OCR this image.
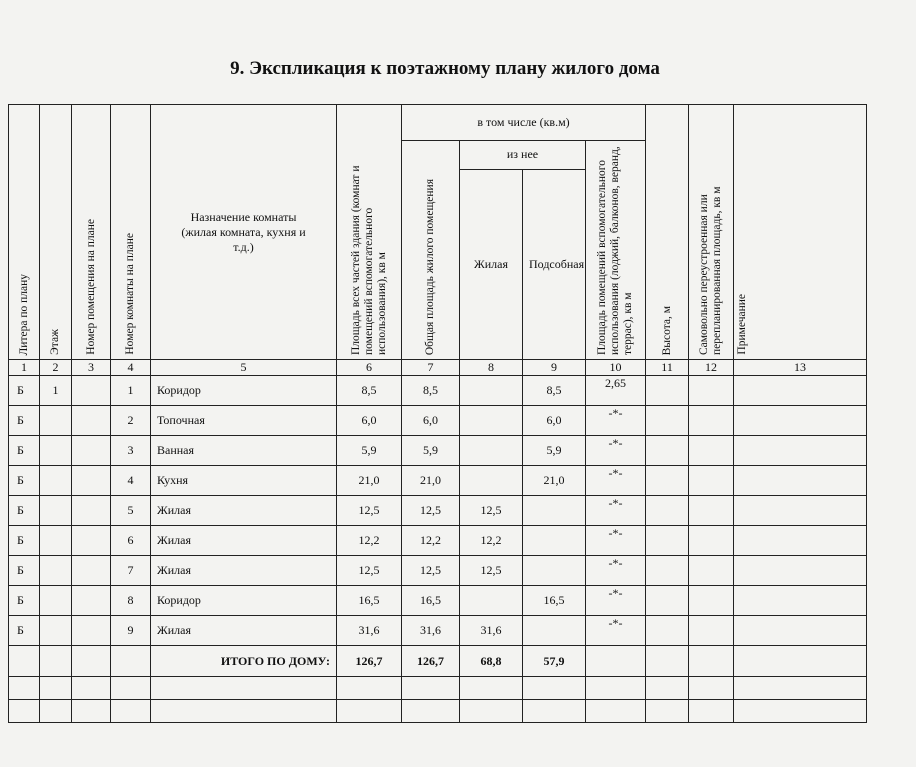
9. Экспликация к поэтажному плану жилого дома
Литера по плану	Этаж	Номер помещения на плане	Номер комнаты на плане	Назначение комнаты (жилая комната, кухня и т.д.)	Площадь всех частей здания (комнат и помещений вспомогательного использования), кв м	в том числе (кв.м)				Высота, м	Самовольно переустроенная или перепланированная площадь, кв м	Примечание

						Общая площадь жилого помещения	из нее		Площадь помещений вспомогательного использования (лоджий, балконов, веранд, террас), кв м			

							Жилая	Подсобная				
1	2	3	4	5	6	7	8	9	10	11	12	13
Б	1		1	Коридор	8,5	8,5		8,5	2,65			
Б			2	Топочная	6,0	6,0		6,0	-*-			
Б			3	Ванная	5,9	5,9		5,9	-*-			
Б			4	Кухня	21,0	21,0		21,0	-*-			
Б			5	Жилая	12,5	12,5	12,5		-*-			
Б			6	Жилая	12,2	12,2	12,2		-*-			
Б			7	Жилая	12,5	12,5	12,5		-*-			
Б			8	Коридор	16,5	16,5		16,5	-*-			
Б			9	Жилая	31,6	31,6	31,6		-*-			
				ИТОГО ПО ДОМУ:	126,7	126,7	68,8	57,9				
